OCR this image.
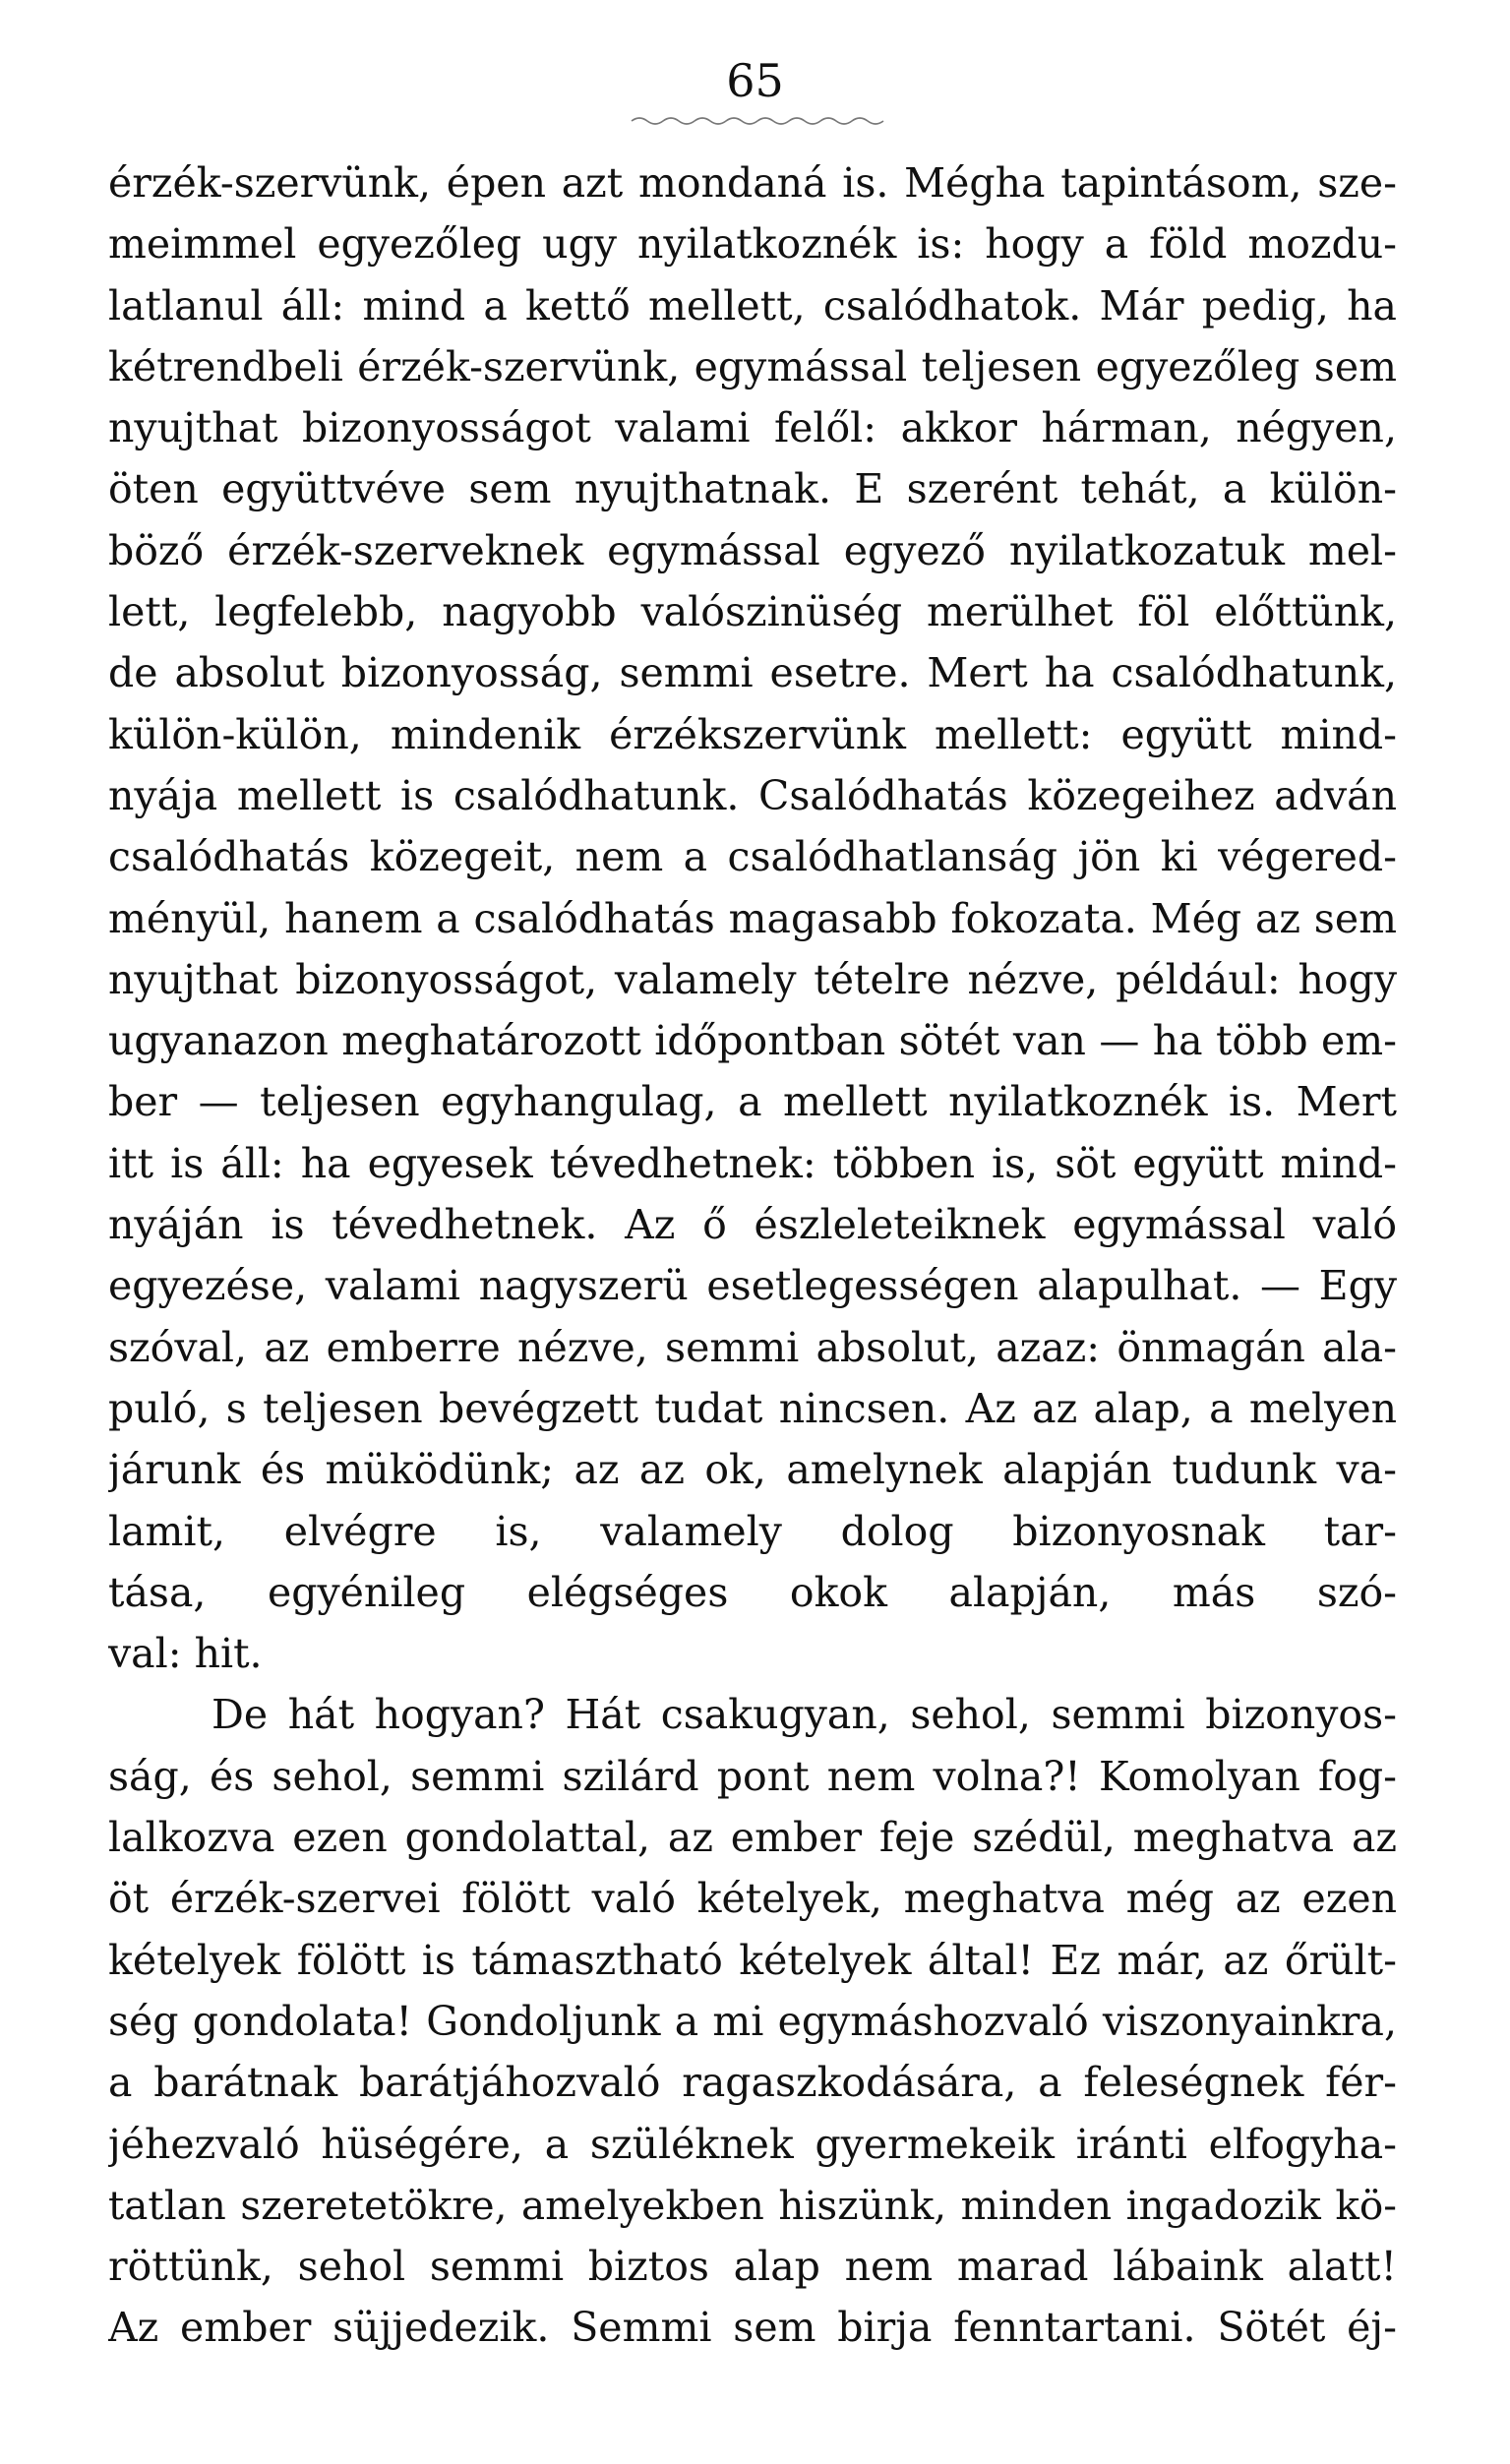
65
érzék-szervünk, épen azt mondaná is. Mégha tapintásom, sze-
meimmel egyezőleg ugy nyilatkoznék is: hogy a föld mozdu-
latlanul áll: mind a kettő mellett, csalódhatok. Már pedig, ha
kétrendbeli érzék-szervünk, egymással teljesen egyezőleg sem
nyujthat bizonyosságot valami felől: akkor hárman, négyen,
öten együttvéve sem nyujthatnak. E szerént tehát, a külön-
böző érzék-szerveknek egymással egyező nyilatkozatuk mel-
lett, legfelebb, nagyobb valószinüség merülhet föl előttünk,
de absolut bizonyosság, semmi esetre. Mert ha csalódhatunk,
külön-külön, mindenik érzékszervünk mellett: együtt mind-
nyája mellett is csalódhatunk. Csalódhatás közegeihez adván
csalódhatás közegeit, nem a csalódhatlanság jön ki végered-
ményül, hanem a csalódhatás magasabb fokozata. Még az sem
nyujthat bizonyosságot, valamely tételre nézve, például: hogy
ugyanazon meghatározott időpontban sötét van — ha több em-
ber — teljesen egyhangulag, a mellett nyilatkoznék is. Mert
itt is áll: ha egyesek tévedhetnek: többen is, söt együtt mind-
nyáján is tévedhetnek. Az ő észleleteiknek egymással való
egyezése, valami nagyszerü esetlegességen alapulhat. — Egy
szóval, az emberre nézve, semmi absolut, azaz: önmagán ala-
puló, s teljesen bevégzett tudat nincsen. Az az alap, a melyen
járunk és müködünk; az az ok, amelynek alapján tudunk va-
lamit, elvégre is, valamely dolog bizonyosnak tar-
tása, egyénileg elégséges okok alapján, más szó-
val: hit.
De hát hogyan? Hát csakugyan, sehol, semmi bizonyos-
ság, és sehol, semmi szilárd pont nem volna?! Komolyan fog-
lalkozva ezen gondolattal, az ember feje szédül, meghatva az
öt érzék-szervei fölött való kételyek, meghatva még az ezen
kételyek fölött is támasztható kételyek által! Ez már, az őrült-
ség gondolata! Gondoljunk a mi egymáshozvaló viszonyainkra,
a barátnak barátjáhozvaló ragaszkodására, a feleségnek fér-
jéhezvaló hüségére, a szüléknek gyermekeik iránti elfogyha-
tatlan szeretetökre, amelyekben hiszünk, minden ingadozik kö-
röttünk, sehol semmi biztos alap nem marad lábaink alatt!
Az ember süjjedezik. Semmi sem birja fenntartani. Sötét éj-
